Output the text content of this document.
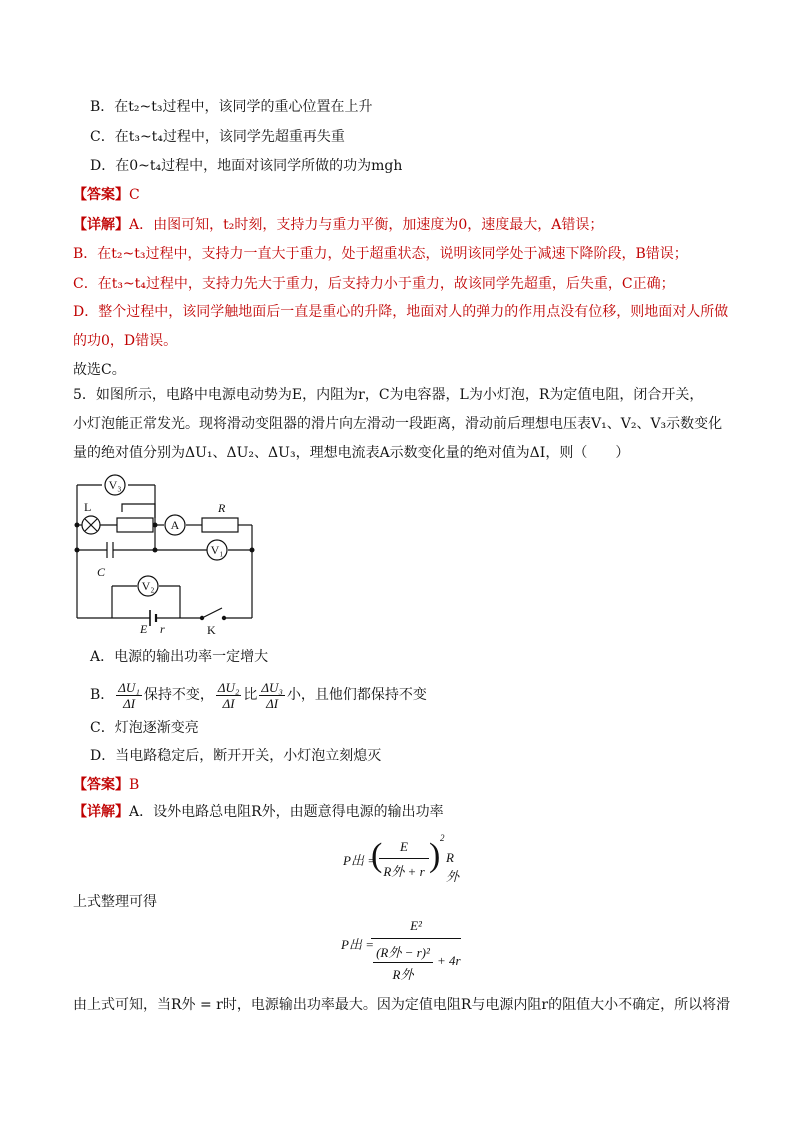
B．在t₂~t₃过程中，该同学的重心位置在上升
C．在t₃~t₄过程中，该同学先超重再失重
D．在0~t₄过程中，地面对该同学所做的功为mgh
【答案】C
【详解】A．由图可知，t₂时刻，支持力与重力平衡，加速度为0，速度最大，A错误；
B．在t₂~t₃过程中，支持力一直大于重力，处于超重状态，说明该同学处于减速下降阶段，B错误；
C．在t₃~t₄过程中，支持力先大于重力，后支持力小于重力，故该同学先超重，后失重，C正确；
D．整个过程中，该同学触地面后一直是重心的升降，地面对人的弹力的作用点没有位移，则地面对人所做
的功0，D错误。
故选C。
5．如图所示，电路中电源电动势为E，内阻为r，C为电容器，L为小灯泡，R为定值电阻，闭合开关，
小灯泡能正常发光。现将滑动变阻器的滑片向左滑动一段距离，滑动前后理想电压表V₁、V₂、V₃示数变化
量的绝对值分别为ΔU₁、ΔU₂、ΔU₃，理想电流表A示数变化量的绝对值为ΔI，则（　　）
V₃
L
A
R
V₁
C
V₂
E r	K
A．电源的输出功率一定增大
B． $\frac{\text{ΔU₁}}{\Delta I}$ 保持不变， $\frac{\text{ΔU₂}}{\Delta I}$ 比 $\frac{\text{ΔU₃}}{\Delta I}$ 小，且他们都保持不变
C．灯泡逐渐变亮
D．当电路稳定后，断开开关，小灯泡立刻熄灭
【答案】B
【详解】A．设外电路总电阻R外，由题意得电源的输出功率
P出 =
(	E
R外 + r ) 2
R外
上式整理可得
P出 =
E²
(R外 − r)²
R外
+ 4r
由上式可知，当R外 = r时，电源输出功率最大。因为定值电阻R与电源内阻r的阻值大小不确定，所以将滑
